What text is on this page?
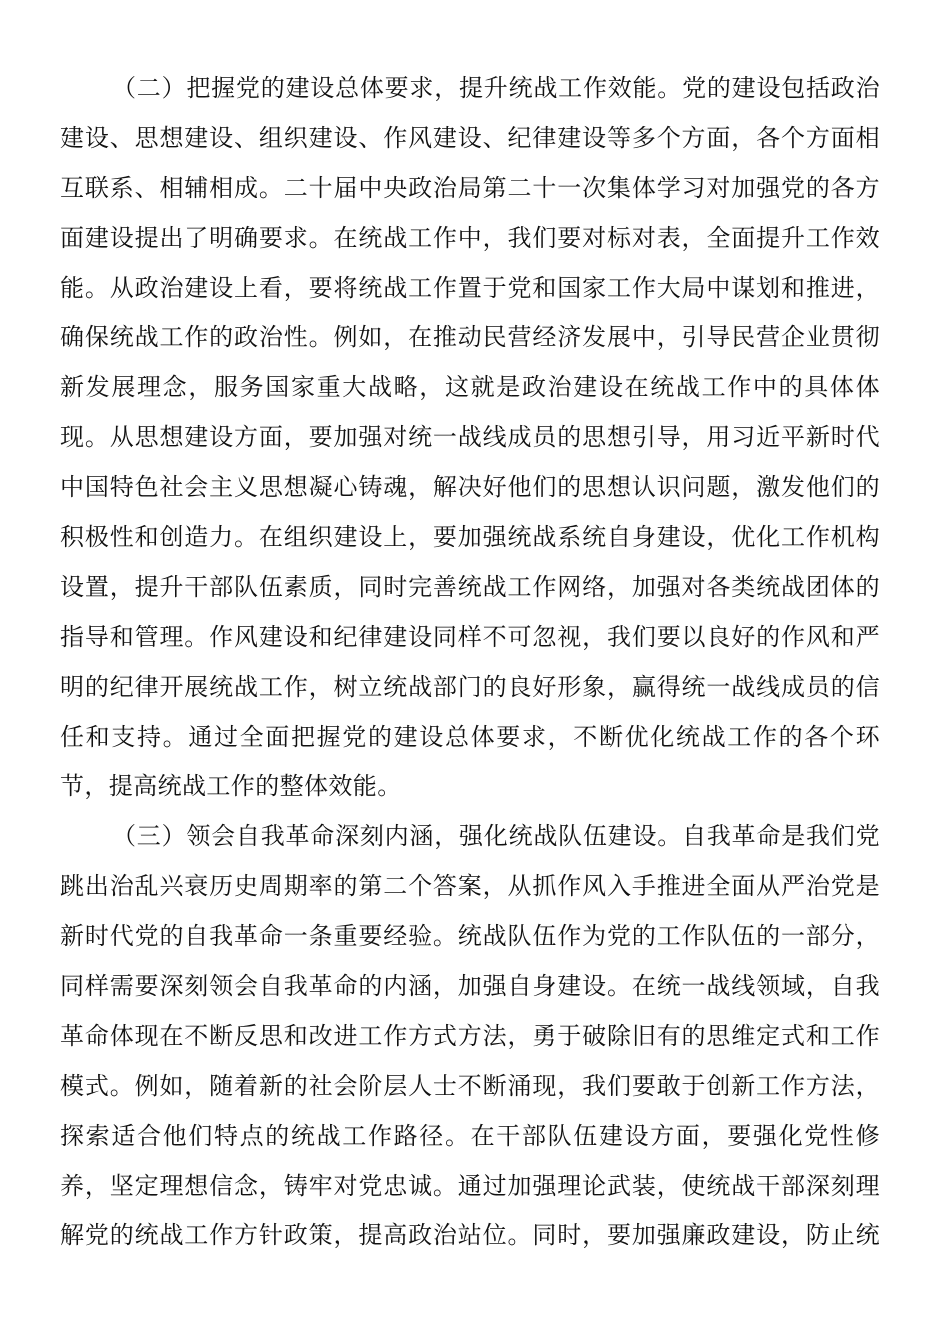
（二）把握党的建设总体要求，提升统战工作效能。党的建设包括政治
建设、思想建设、组织建设、作风建设、纪律建设等多个方面，各个方面相
互联系、相辅相成。二十届中央政治局第二十一次集体学习对加强党的各方
面建设提出了明确要求。在统战工作中，我们要对标对表，全面提升工作效
能。从政治建设上看，要将统战工作置于党和国家工作大局中谋划和推进，
确保统战工作的政治性。例如，在推动民营经济发展中，引导民营企业贯彻
新发展理念，服务国家重大战略，这就是政治建设在统战工作中的具体体
现。从思想建设方面，要加强对统一战线成员的思想引导，用习近平新时代
中国特色社会主义思想凝心铸魂，解决好他们的思想认识问题，激发他们的
积极性和创造力。在组织建设上，要加强统战系统自身建设，优化工作机构
设置，提升干部队伍素质，同时完善统战工作网络，加强对各类统战团体的
指导和管理。作风建设和纪律建设同样不可忽视，我们要以良好的作风和严
明的纪律开展统战工作，树立统战部门的良好形象，赢得统一战线成员的信
任和支持。通过全面把握党的建设总体要求，不断优化统战工作的各个环
节，提高统战工作的整体效能。
（三）领会自我革命深刻内涵，强化统战队伍建设。自我革命是我们党
跳出治乱兴衰历史周期率的第二个答案，从抓作风入手推进全面从严治党是
新时代党的自我革命一条重要经验。统战队伍作为党的工作队伍的一部分，
同样需要深刻领会自我革命的内涵，加强自身建设。在统一战线领域，自我
革命体现在不断反思和改进工作方式方法，勇于破除旧有的思维定式和工作
模式。例如，随着新的社会阶层人士不断涌现，我们要敢于创新工作方法，
探索适合他们特点的统战工作路径。在干部队伍建设方面，要强化党性修
养，坚定理想信念，铸牢对党忠诚。通过加强理论武装，使统战干部深刻理
解党的统战工作方针政策，提高政治站位。同时，要加强廉政建设，防止统
